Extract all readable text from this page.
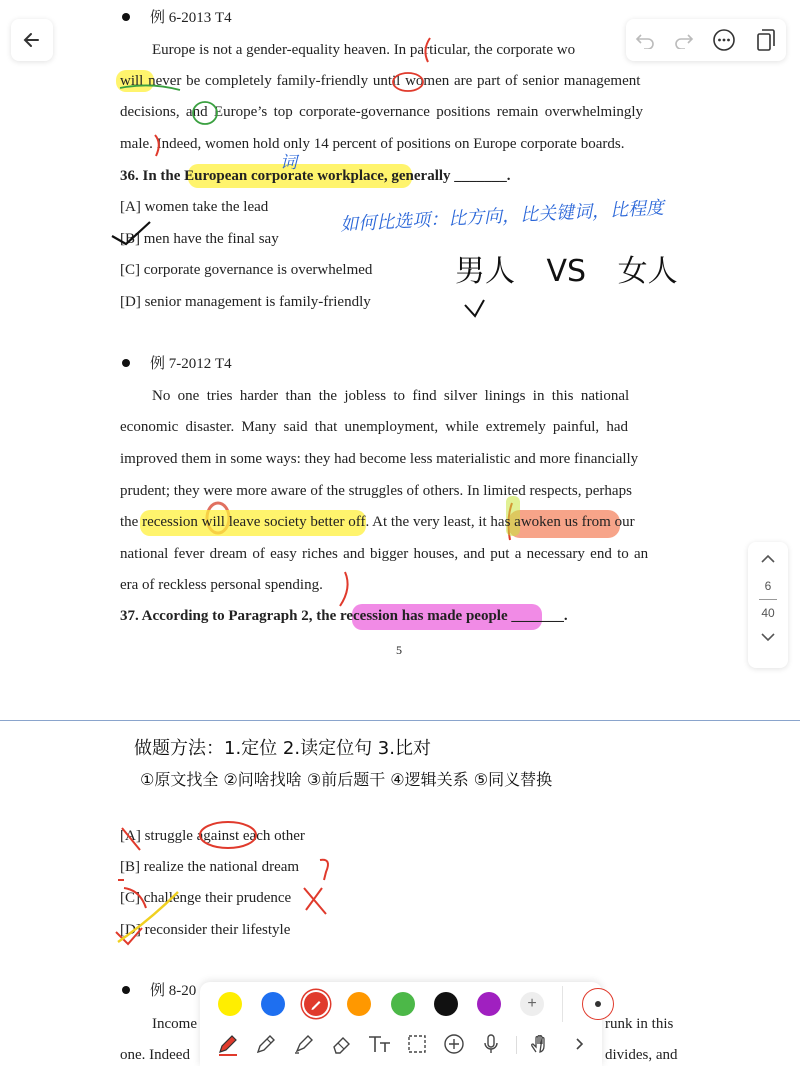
例 6-2013 T4
Europe is not a gender-equality heaven. In particular, the corporate wo
will never be completely family-friendly until women are part of senior management
decisions, and Europe’s top corporate-governance positions remain overwhelmingly
male. Indeed, women hold only 14 percent of positions on Europe corporate boards.
36. In the European corporate workplace, generally _______.
[A] women take the lead
[B] men have the final say
[C] corporate governance is overwhelmed
[D] senior management is family-friendly
词
如何比选项：比方向，比关键词，比程度
男人 VS 女人
例 7-2012 T4
No one tries harder than the jobless to find silver linings in this national
economic disaster. Many said that unemployment, while extremely painful, had
improved them in some ways: they had become less materialistic and more financially
prudent; they were more aware of the struggles of others. In limited respects, perhaps
the recession will leave society better off. At the very least, it has awoken us from our
national fever dream of easy riches and bigger houses, and put a necessary end to an
era of reckless personal spending.
37. According to Paragraph 2, the recession has made people _______.
5
6
40
做题方法：1.定位 2.读定位句 3.比对
①原文找全 ②问啥找啥 ③前后题干 ④逻辑关系 ⑤同义替换
[A] struggle against each other
[B] realize the national dream
[C] challenge their prudence
[D] reconsider their lifestyle
例 8-20
Income	runk in this
one. Indeed	divides, and
+
